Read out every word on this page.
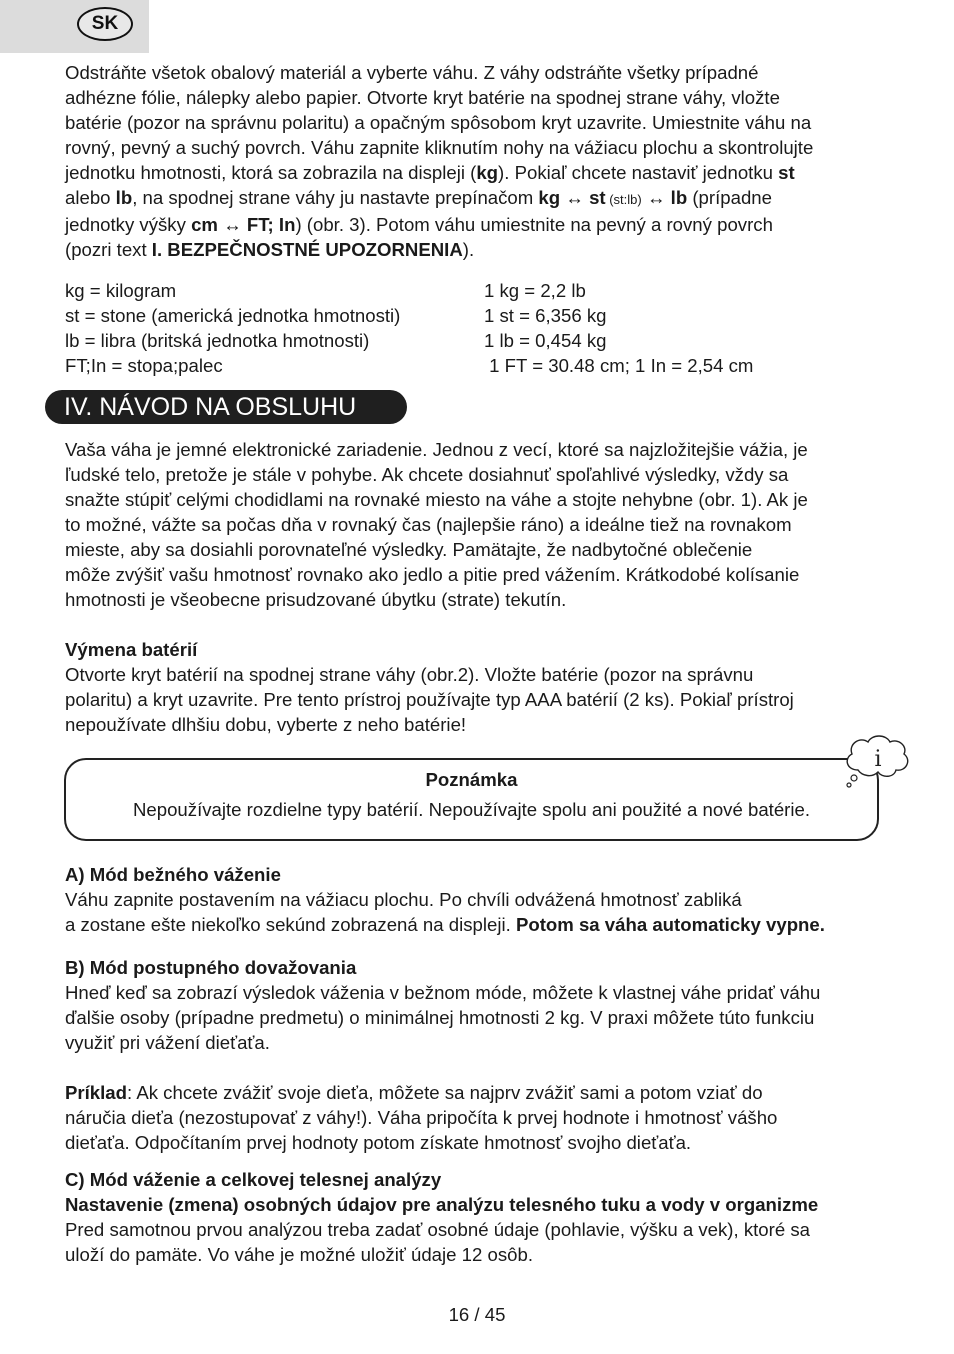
SK
Odstráňte všetok obalový materiál a vyberte váhu. Z váhy odstráňte všetky prípadné
adhézne fólie, nálepky alebo papier. Otvorte kryt batérie na spodnej strane váhy, vložte
batérie (pozor na správnu polaritu) a opačným spôsobom kryt uzavrite. Umiestnite váhu na
rovný, pevný a suchý povrch. Váhu zapnite kliknutím nohy na vážiacu plochu a skontrolujte
jednotku hmotnosti, ktorá sa zobrazila na displeji (kg). Pokiaľ chcete nastaviť jednotku st
alebo lb, na spodnej strane váhy ju nastavte prepínačom kg ↔ st (st:lb) ↔ lb (prípadne
jednotky výšky cm ↔ FT; In) (obr. 3). Potom váhu umiestnite na pevný a rovný povrch
(pozri text I. BEZPEČNOSTNÉ UPOZORNENIA).
kg = kilogram	1 kg = 2,2 lb
st = stone (americká jednotka hmotnosti)	1 st = 6,356 kg
lb = libra (britská jednotka hmotnosti)	1 lb = 0,454 kg
FT;In = stopa;palec	1 FT = 30.48 cm; 1 In = 2,54 cm
IV. NÁVOD NA OBSLUHU
Vaša váha je jemné elektronické zariadenie. Jednou z vecí, ktoré sa najzložitejšie vážia, je
ľudské telo, pretože je stále v pohybe. Ak chcete dosiahnuť spoľahlivé výsledky, vždy sa
snažte stúpiť celými chodidlami na rovnaké miesto na váhe a stojte nehybne (obr. 1). Ak je
to možné, vážte sa počas dňa v rovnaký čas (najlepšie ráno) a ideálne tiež na rovnakom
mieste, aby sa dosiahli porovnateľné výsledky. Pamätajte, že nadbytočné oblečenie
môže zvýšiť vašu hmotnosť rovnako ako jedlo a pitie pred vážením. Krátkodobé kolísanie
hmotnosti je všeobecne prisudzované úbytku (strate) tekutín.
Výmena batérií
Otvorte kryt batérií na spodnej strane váhy (obr.2). Vložte batérie (pozor na správnu
polaritu) a kryt uzavrite. Pre tento prístroj používajte typ AAA batérií (2 ks). Pokiaľ prístroj
nepoužívate dlhšiu dobu, vyberte z neho batérie!
Poznámka
Nepoužívajte rozdielne typy batérií. Nepoužívajte spolu ani použité a nové batérie.
i
A) Mód bežného váženie
Váhu zapnite postavením na vážiacu plochu. Po chvíli odvážená hmotnosť zabliká
a zostane ešte niekoľko sekúnd zobrazená na displeji. Potom sa váha automaticky vypne.
B) Mód postupného dovažovania
Hneď keď sa zobrazí výsledok váženia v bežnom móde, môžete k vlastnej váhe pridať váhu
ďalšie osoby (prípadne predmetu) o minimálnej hmotnosti 2 kg. V praxi môžete túto funkciu
využiť pri vážení dieťaťa.
Príklad: Ak chcete zvážiť svoje dieťa, môžete sa najprv zvážiť sami a potom vziať do
náručia dieťa (nezostupovať z váhy!). Váha pripočíta k prvej hodnote i hmotnosť vášho
dieťaťa. Odpočítaním prvej hodnoty potom získate hmotnosť svojho dieťaťa.
C) Mód váženie a celkovej telesnej analýzy
Nastavenie (zmena) osobných údajov pre analýzu telesného tuku a vody v organizme
Pred samotnou prvou analýzou treba zadať osobné údaje (pohlavie, výšku a vek), ktoré sa
uloží do pamäte. Vo váhe je možné uložiť údaje 12 osôb.
16 / 45
